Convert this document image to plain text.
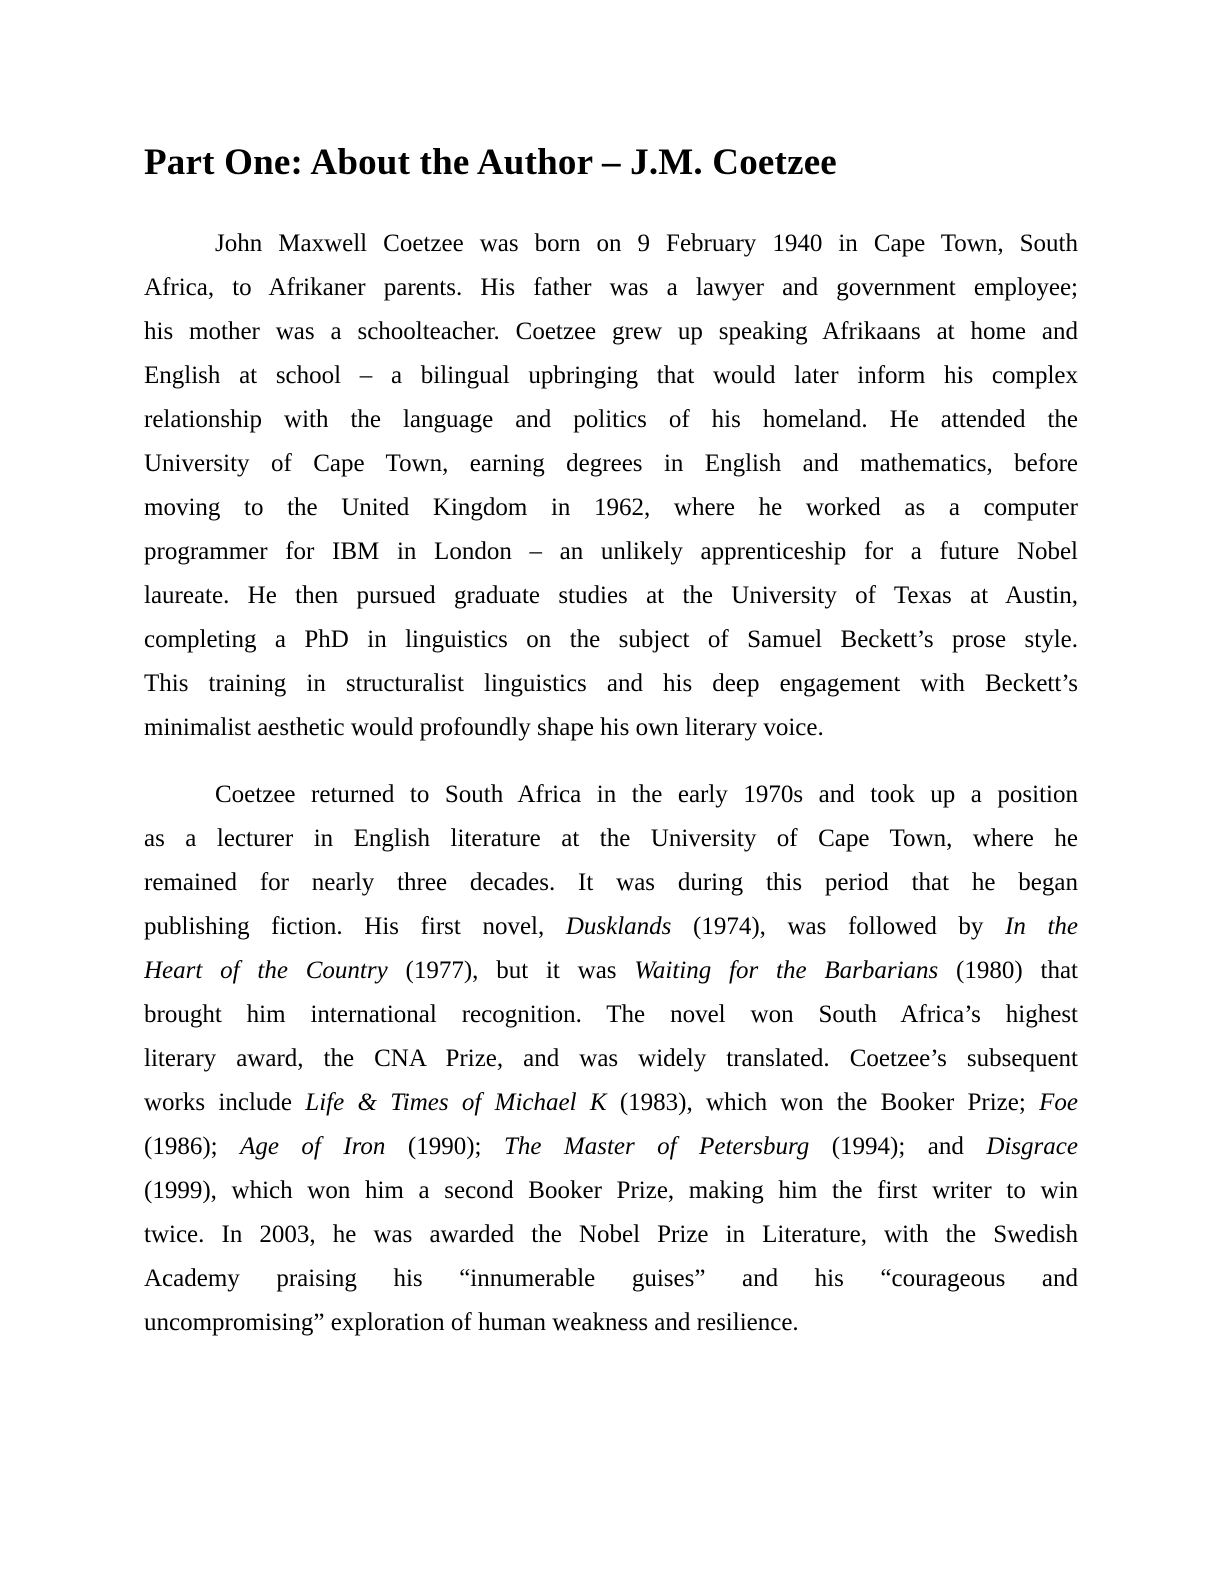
Part One: About the Author – J.M. Coetzee
John Maxwell Coetzee was born on 9 February 1940 in Cape Town, South
Africa, to Afrikaner parents. His father was a lawyer and government employee;
his mother was a schoolteacher. Coetzee grew up speaking Afrikaans at home and
English at school – a bilingual upbringing that would later inform his complex
relationship with the language and politics of his homeland. He attended the
University of Cape Town, earning degrees in English and mathematics, before
moving to the United Kingdom in 1962, where he worked as a computer
programmer for IBM in London – an unlikely apprenticeship for a future Nobel
laureate. He then pursued graduate studies at the University of Texas at Austin,
completing a PhD in linguistics on the subject of Samuel Beckett’s prose style.
This training in structuralist linguistics and his deep engagement with Beckett’s
minimalist aesthetic would profoundly shape his own literary voice.
Coetzee returned to South Africa in the early 1970s and took up a position
as a lecturer in English literature at the University of Cape Town, where he
remained for nearly three decades. It was during this period that he began
publishing fiction. His first novel, Dusklands (1974), was followed by In the
Heart of the Country (1977), but it was Waiting for the Barbarians (1980) that
brought him international recognition. The novel won South Africa’s highest
literary award, the CNA Prize, and was widely translated. Coetzee’s subsequent
works include Life & Times of Michael K (1983), which won the Booker Prize; Foe
(1986); Age of Iron (1990); The Master of Petersburg (1994); and Disgrace
(1999), which won him a second Booker Prize, making him the first writer to win
twice. In 2003, he was awarded the Nobel Prize in Literature, with the Swedish
Academy praising his “innumerable guises” and his “courageous and
uncompromising” exploration of human weakness and resilience.
